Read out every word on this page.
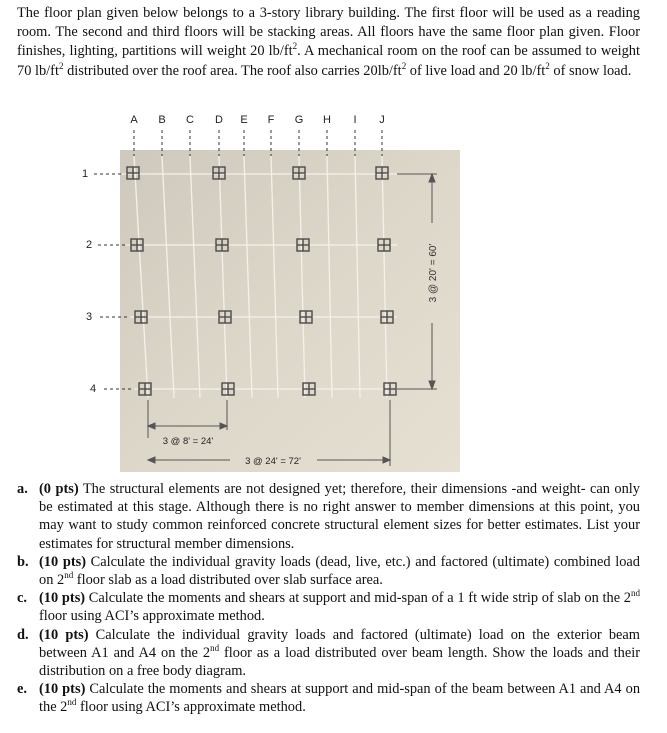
The floor plan given below belongs to a 3-story library building. The first floor will be used as a reading room. The second and third floors will be stacking areas. All floors have the same floor plan given. Floor finishes, lighting, partitions will weight 20 $lb/ft^2$. A mechanical room on the roof can be assumed to weight 70 $lb/ft^2$ distributed over the roof area. The roof also carries $20lb/ft^2$ of live load and 20 $lb/ft^2$ of snow load.
A B C D E F G H I J
1
2
3
4
3 @ 20' = 60'
3 @ 8' = 24'
3 @ 24' = 72'
a. (0 pts) The structural elements are not designed yet; therefore, their dimensions -and weight- can only be estimated at this stage. Although there is no right answer to member dimensions at this point, you may want to study common reinforced concrete structural element sizes for better estimates. List your estimates for structural member dimensions.
b. (10 pts) Calculate the individual gravity loads (dead, live, etc.) and factored (ultimate) combined load on 2nd floor slab as a load distributed over slab surface area.
c. (10 pts) Calculate the moments and shears at support and mid-span of a 1 ft wide strip of slab on the 2nd floor using ACI’s approximate method.
d. (10 pts) Calculate the individual gravity loads and factored (ultimate) load on the exterior beam between A1 and A4 on the 2nd floor as a load distributed over beam length. Show the loads and their distribution on a free body diagram.
e. (10 pts) Calculate the moments and shears at support and mid-span of the beam between A1 and A4 on the 2nd floor using ACI’s approximate method.
